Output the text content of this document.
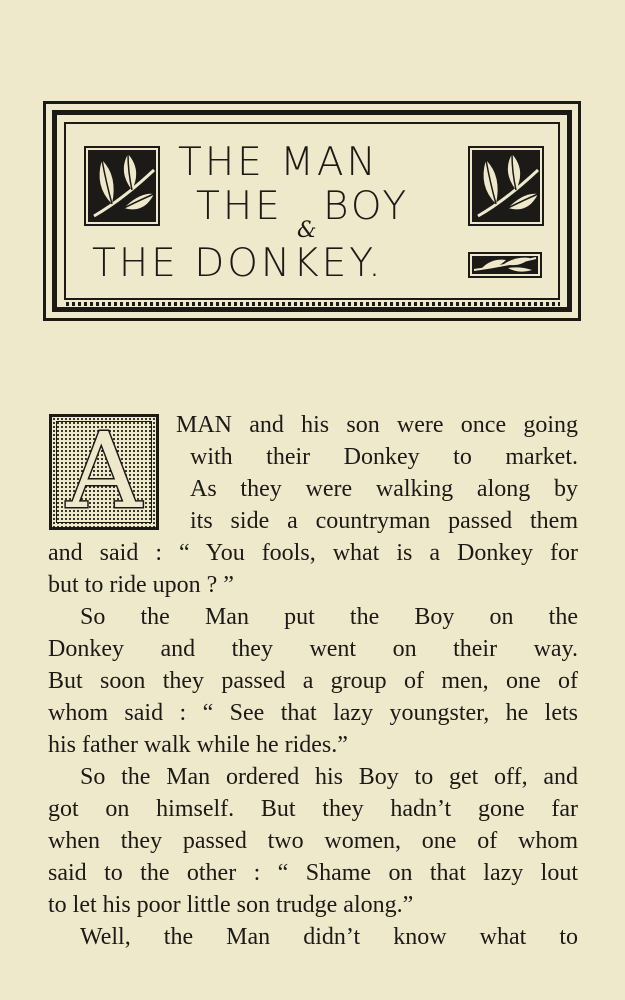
THE MAN
THE
&
BOY
THE DONKEY.
A	MAN and his son were once going
with their Donkey to market.
As they were walking along by
its side a countryman passed them
and said : “ You fools, what is a Donkey for
but to ride upon ? ”
So the Man put the Boy on the
Donkey and they went on their way.
But soon they passed a group of men, one of
whom said : “ See that lazy youngster, he lets
his father walk while he rides.”
So the Man ordered his Boy to get off, and
got on himself. But they hadn’t gone far
when they passed two women, one of whom
said to the other : “ Shame on that lazy lout
to let his poor little son trudge along.”
Well, the Man didn’t know what to
